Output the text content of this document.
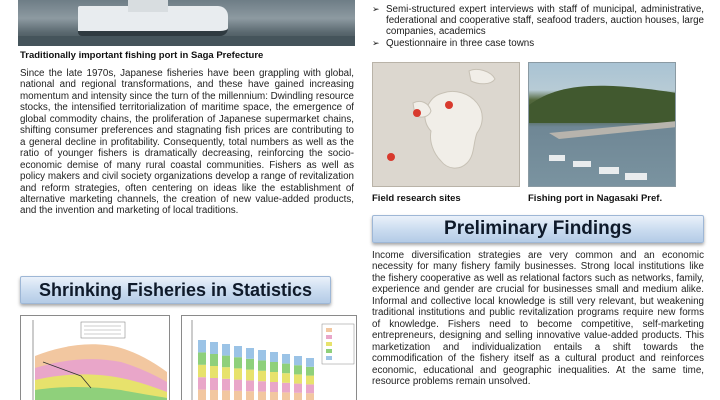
Traditionally important fishing port in Saga Prefecture
Since the late 1970s, Japanese fisheries have been grappling with global, national and regional transformations, and these have gained increasing momentum and intensity since the turn of the millennium: Dwindling resource stocks, the intensified territorialization of maritime space, the emergence of global commodity chains, the proliferation of Japanese supermarket chains, shifting consumer preferences and stagnating fish prices are contributing to a general decline in profitability. Consequently, total numbers as well as the ratio of younger fishers is dramatically decreasing, reinforcing the socio-economic demise of many rural coastal communities. Fishers as well as policy makers and civil society organizations develop a range of revitalization and reform strategies, often centering on ideas like the establishment of alternative marketing channels, the creation of new value-added products, and the invention and marketing of local traditions.
Shrinking Fisheries in Statistics
➢ Semi-structured expert interviews with staff of municipal, administrative, federational and cooperative staff, seafood traders, auction houses, large companies, academics
➢ Questionnaire in three case towns
Field research sites	Fishing port in Nagasaki Pref.
Preliminary Findings
Income diversification strategies are very common and an economic necessity for many fishery family businesses. Strong local institutions like the fishery cooperative as well as relational factors such as networks, family, experience and gender are crucial for businesses small and medium alike. Informal and collective local knowledge is still very relevant, but weakening traditional institutions and public revitalization programs require new forms of knowledge. Fishers need to become competitive, self-marketing entrepreneurs, designing and selling innovative value-added products. This marketization and individualization entails a shift towards the commodification of the fishery itself as a cultural product and reinforces economic, educational and geographic inequalities. At the same time, resource problems remain unsolved.
